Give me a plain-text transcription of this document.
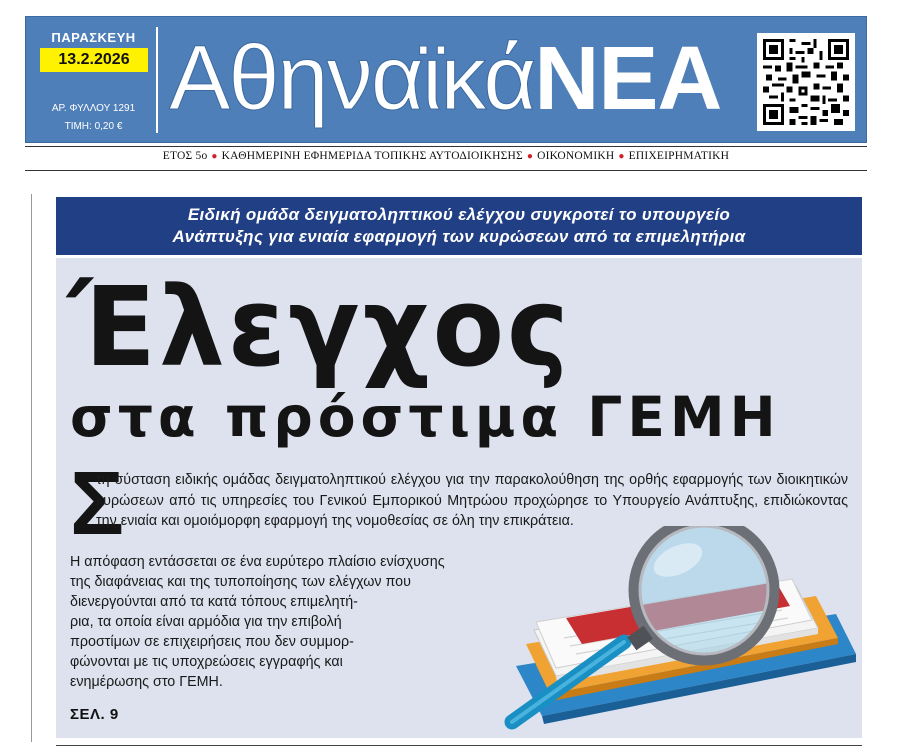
ΠΑΡΑΣΚΕΥΗ
13.2.2026
ΑΡ. ΦΥΛΛΟΥ 1291
ΤΙΜΗ: 0,20 € ΑθηναϊκάΝΕΑ
ΕΤΟΣ 5ο ● ΚΑΘΗΜΕΡΙΝΗ ΕΦΗΜΕΡΙΔΑ ΤΟΠΙΚΗΣ ΑΥΤΟΔΙΟΙΚΗΣΗΣ ● ΟΙΚΟΝΟΜΙΚΗ ● ΕΠΙΧΕΙΡΗΜΑΤΙΚΗ
Ειδική ομάδα δειγματοληπτικού ελέγχου συγκροτεί το υπουργείο
Ανάπτυξης για ενιαία εφαρμογή των κυρώσεων από τα επιμελητήρια
Έλεγχος
στα πρόστιμα ΓΕΜΗ
Σ
τη σύσταση ειδικής ομάδας δειγματοληπτικού ελέγχου για την παρακολούθηση της ορθής εφαρμογής των διοικητικών κυρώσεων από τις υπηρεσίες του Γενικού Εμπορικού Μητρώου προχώρησε το Υπουργείο Ανάπτυξης, επιδιώκοντας την ενιαία και ομοιόμορφη εφαρμογή της νομοθεσίας σε όλη την επικράτεια.
Η απόφαση εντάσσεται σε ένα ευρύτερο πλαίσιο ενίσχυσης
της διαφάνειας και της τυποποίησης των ελέγχων που
διενεργούνται από τα κατά τόπους επιμελητή-
ρια, τα οποία είναι αρμόδια για την επιβολή
προστίμων σε επιχειρήσεις που δεν συμμορ-
φώνονται με τις υποχρεώσεις εγγραφής και
ενημέρωσης στο ΓΕΜΗ.
ΣΕΛ. 9
